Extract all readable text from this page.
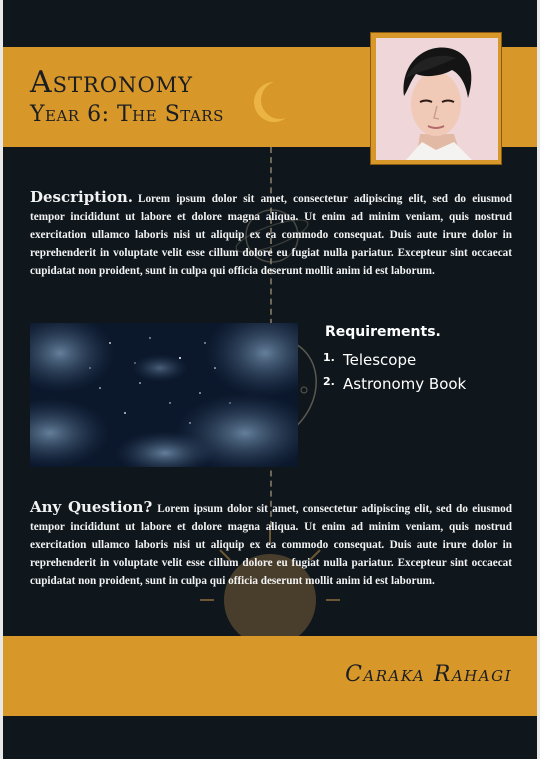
Astronomy
Year 6: The Stars
Description. Lorem ipsum dolor sit amet, consectetur adipiscing elit, sed do eiusmod tempor incididunt ut labore et dolore magna aliqua. Ut enim ad minim veniam, quis nostrud exercitation ullamco laboris nisi ut aliquip ex ea commodo consequat. Duis aute irure dolor in reprehenderit in voluptate velit esse cillum dolore eu fugiat nulla pariatur. Excepteur sint occaecat cupidatat non proident, sunt in culpa qui officia deserunt mollit anim id est laborum.
Requirements.
1. Telescope
2. Astronomy Book
Any Question? Lorem ipsum dolor sit amet, consectetur adipiscing elit, sed do eiusmod tempor incididunt ut labore et dolore magna aliqua. Ut enim ad minim veniam, quis nostrud exercitation ullamco laboris nisi ut aliquip ex ea commodo consequat. Duis aute irure dolor in reprehenderit in voluptate velit esse cillum dolore eu fugiat nulla pariatur. Excepteur sint occaecat cupidatat non proident, sunt in culpa qui officia deserunt mollit anim id est laborum.
Caraka Rahagi
